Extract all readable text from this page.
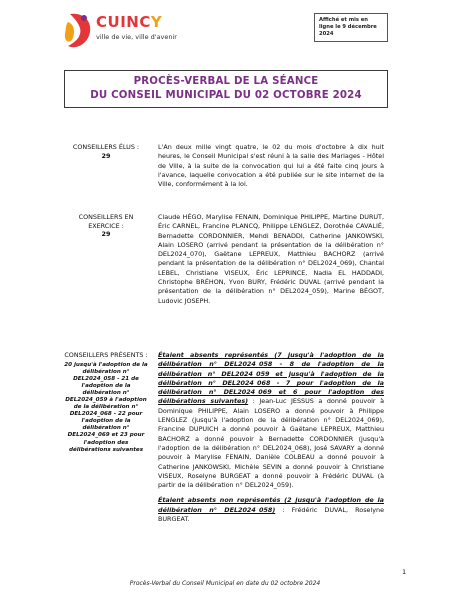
CUINCY
ville de vie, ville d'avenir
Affiché et mis en ligne le 9 décembre 2024
PROCÈS-VERBAL DE LA SÉANCE
DU CONSEIL MUNICIPAL DU 02 OCTOBRE 2024
CONSEILLERS ÉLUS :
29
L'An deux mille vingt quatre, le 02 du mois d'octobre à dix huit heures, le Conseil Municipal s'est réuni à la salle des Mariages - Hôtel de Ville, à la suite de la convocation qui lui a été faite cinq jours à l'avance, laquelle convocation a été publiée sur le site internet de la Ville, conformément à la loi.
CONSEILLERS EN EXERCICE :
29
Claude HÉGO, Marylise FENAIN, Dominique PHILIPPE, Martine DURUT, Éric CARNEL, Francine PLANCQ, Philippe LENGLEZ, Dorothée CAVALIÉ, Bernadette CORDONNIER, Mehdi BENADDI, Catherine JANKOWSKI, Alain LOSERO (arrivé pendant la présentation de la délibération n° DEL2024_070), Gaëtane LEPREUX, Matthieu BACHORZ (arrivé pendant la présentation de la délibération n° DEL2024_069), Chantal LEBEL, Christiane VISEUX, Éric LEPRINCE, Nadia EL HADDADI, Christophe BRÉHON, Yvon BURY, Frédéric DUVAL (arrivé pendant la présentation de la délibération n° DEL2024_059), Marine BÉGOT, Ludovic JOSEPH.
CONSEILLERS PRÉSENTS :
20 jusqu'à l'adoption de la délibération n° DEL2024_058 - 21 de l'adoption de la délibération n° DEL2024_059 à l'adoption de la délibération n° DEL2024_068 - 22 pour l'adoption de la délibération n° DEL2024_069 et 23 pour l'adoption des délibérations suivantes

Étaient absents représentés (7 jusqu'à l'adoption de la délibération n° DEL2024_058 - 8 de l'adoption de la délibération n° DEL2024_059 et jusqu'à l'adoption de la délibération n° DEL2024_068 - 7 pour l'adoption de la délibération n° DEL2024_069 et 6 pour l'adoption des délibérations suivantes) : Jean-Luc JESSUS a donné pouvoir à Dominique PHILIPPE, Alain LOSERO a donné pouvoir à Philippe LENGLEZ (jusqu'à l'adoption de la délibération n° DEL2024_069), Francine DUPUICH a donné pouvoir à Gaëtane LEPREUX, Matthieu BACHORZ a donné pouvoir à Bernadette CORDONNIER (jusqu'à l'adoption de la délibération n° DEL2024_068), José SAVARY a donné pouvoir à Marylise FENAIN, Danièle COLBEAU a donné pouvoir à Catherine JANKOWSKI, Michèle SEVIN a donné pouvoir à Christiane VISEUX, Roselyne BURGEAT a donné pouvoir à Frédéric DUVAL (à partir de la délibération n° DEL2024_059).

Étaient absents non représentés (2 jusqu'à l'adoption de la délibération n° DEL2024_058) : Frédéric DUVAL, Roselyne BURGEAT.

1
Procès-Verbal du Conseil Municipal en date du 02 octobre 2024
